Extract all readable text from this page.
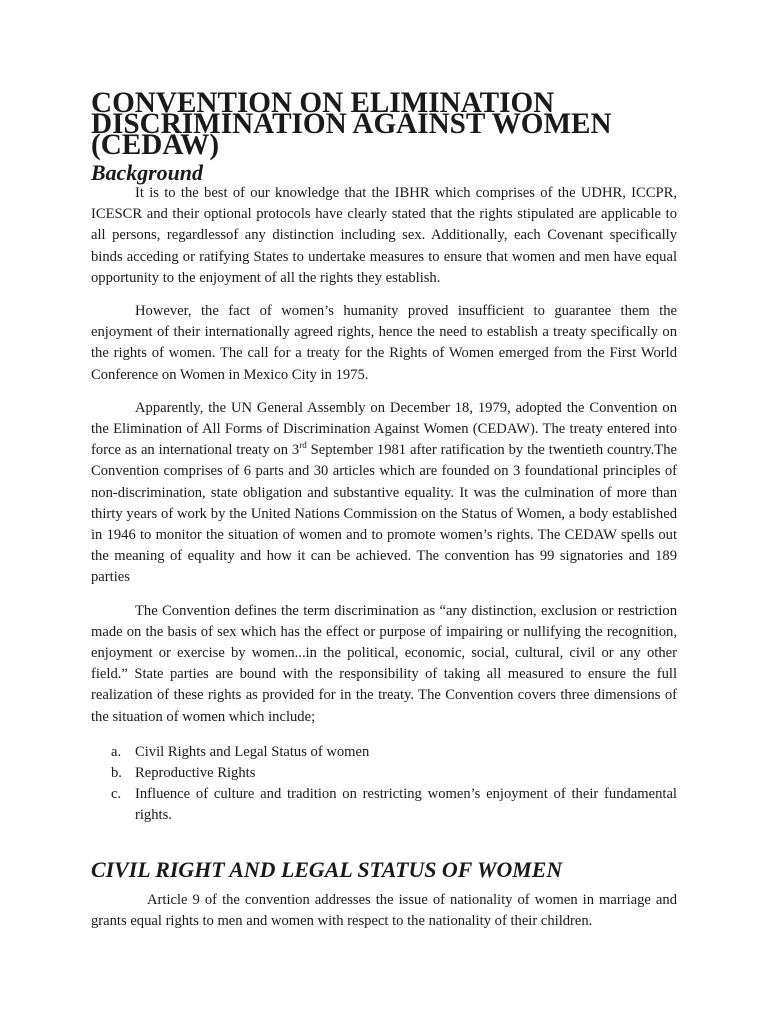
CONVENTION ON ELIMINATION DISCRIMINATION AGAINST WOMEN (CEDAW)
Background

It is to the best of our knowledge that the IBHR which comprises of the UDHR, ICCPR, ICESCR and their optional protocols have clearly stated that the rights stipulated are applicable to all persons, regardlessof any distinction including sex. Additionally, each Covenant specifically binds acceding or ratifying States to undertake measures to ensure that women and men have equal opportunity to the enjoyment of all the rights they establish.

However, the fact of women’s humanity proved insufficient to guarantee them the enjoyment of their internationally agreed rights, hence the need to establish a treaty specifically on the rights of women. The call for a treaty for the Rights of Women emerged from the First World Conference on Women in Mexico City in 1975.

Apparently, the UN General Assembly on December 18, 1979, adopted the Convention on the Elimination of All Forms of Discrimination Against Women (CEDAW). The treaty entered into force as an international treaty on 3rd September 1981 after ratification by the twentieth country.The Convention comprises of 6 parts and 30 articles which are founded on 3 foundational principles of non-discrimination, state obligation and substantive equality. It was the culmination of more than thirty years of work by the United Nations Commission on the Status of Women, a body established in 1946 to monitor the situation of women and to promote women’s rights. The CEDAW spells out the meaning of equality and how it can be achieved. The convention has 99 signatories and 189 parties

The Convention defines the term discrimination as “any distinction, exclusion or restriction made on the basis of sex which has the effect or purpose of impairing or nullifying the recognition, enjoyment or exercise by women...in the political, economic, social, cultural, civil or any other field.” State parties are bound with the responsibility of taking all measured to ensure the full realization of these rights as provided for in the treaty. The Convention covers three dimensions of the situation of women which include;

a. Civil Rights and Legal Status of women
b. Reproductive Rights
c. Influence of culture and tradition on restricting women’s enjoyment of their fundamental rights.
CIVIL RIGHT AND LEGAL STATUS OF WOMEN

Article 9 of the convention addresses the issue of nationality of women in marriage and grants equal rights to men and women with respect to the nationality of their children.
